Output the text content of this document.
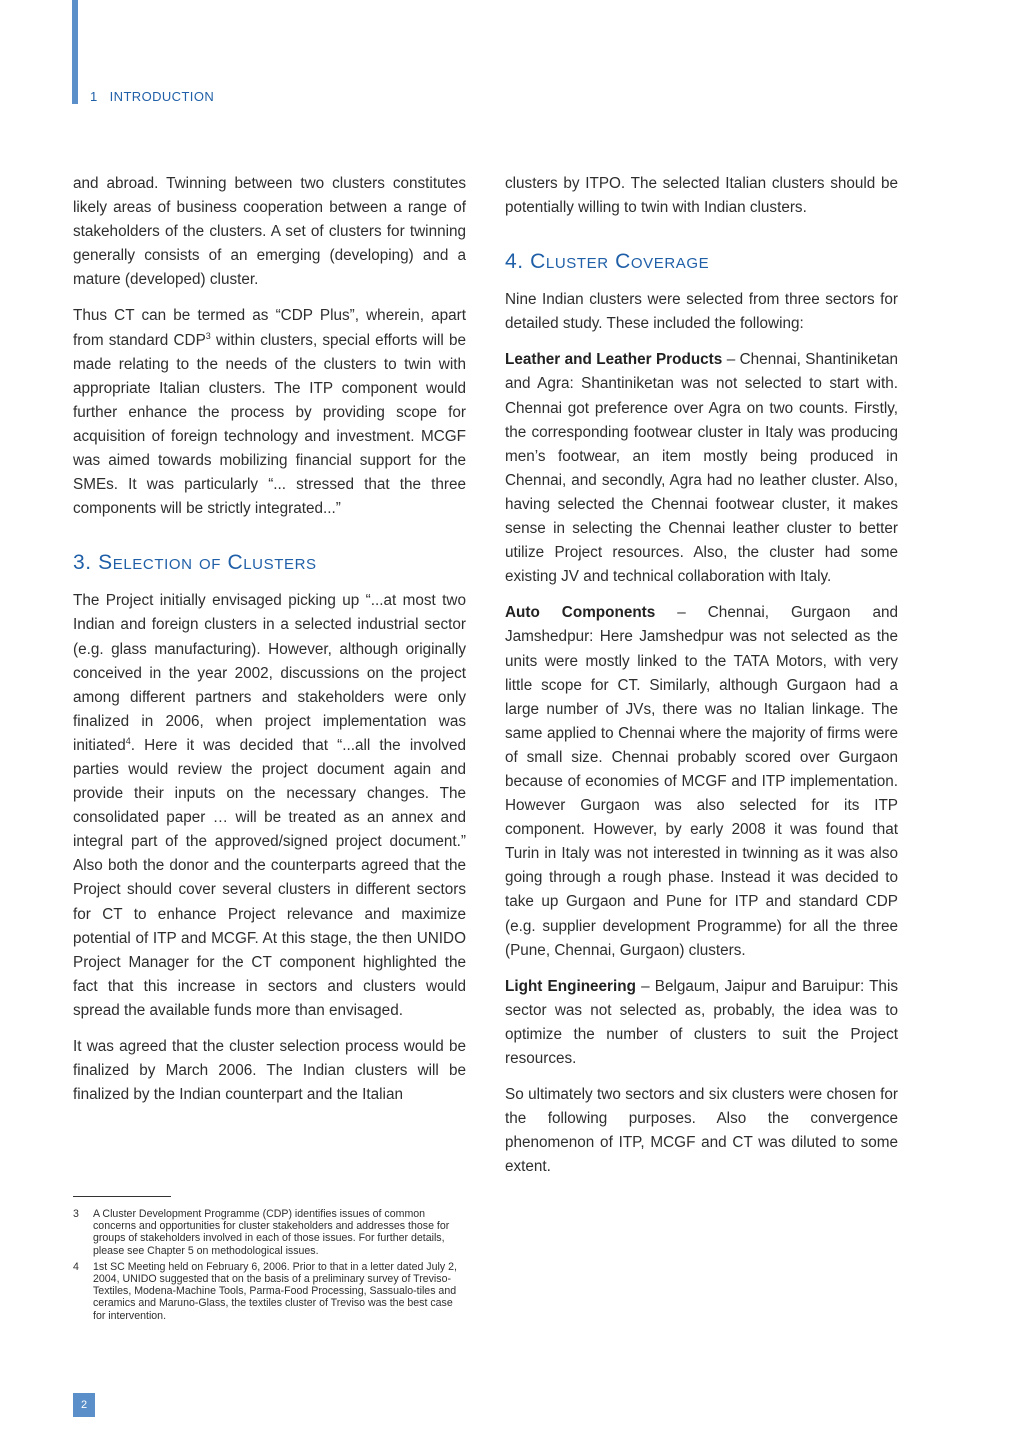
1 INTRODUCTION

and abroad. Twinning between two clusters constitutes likely areas of business cooperation between a range of stakeholders of the clusters. A set of clusters for twinning generally consists of an emerging (developing) and a mature (developed) cluster.

Thus CT can be termed as “CDP Plus”, wherein, apart from standard CDP$^3$ within clusters, special efforts will be made relating to the needs of the clusters to twin with appropriate Italian clusters. The ITP component would further enhance the process by providing scope for acquisition of foreign technology and investment. MCGF was aimed towards mobilizing financial support for the SMEs. It was particularly “... stressed that the three components will be strictly integrated...”

3. Selection of Clusters

The Project initially envisaged picking up “...at most two Indian and foreign clusters in a selected industrial sector (e.g. glass manufacturing). However, although originally conceived in the year 2002, discussions on the project among different partners and stakeholders were only finalized in 2006, when project implementation was initiated$^4$. Here it was decided that “...all the involved parties would review the project document again and provide their inputs on the necessary changes. The consolidated paper … will be treated as an annex and integral part of the approved/signed project document.” Also both the donor and the counterparts agreed that the Project should cover several clusters in different sectors for CT to enhance Project relevance and maximize potential of ITP and MCGF. At this stage, the then UNIDO Project Manager for the CT component highlighted the fact that this increase in sectors and clusters would spread the available funds more than envisaged.

It was agreed that the cluster selection process would be finalized by March 2006. The Indian clusters will be finalized by the Indian counterpart and the Italian

clusters by ITPO. The selected Italian clusters should be potentially willing to twin with Indian clusters.

4. Cluster Coverage

Nine Indian clusters were selected from three sectors for detailed study. These included the following:

Leather and Leather Products – Chennai, Shantiniketan and Agra: Shantiniketan was not selected to start with. Chennai got preference over Agra on two counts. Firstly, the corresponding footwear cluster in Italy was producing men’s footwear, an item mostly being produced in Chennai, and secondly, Agra had no leather cluster. Also, having selected the Chennai footwear cluster, it makes sense in selecting the Chennai leather cluster to better utilize Project resources. Also, the cluster had some existing JV and technical collaboration with Italy.

Auto Components – Chennai, Gurgaon and Jamshedpur: Here Jamshedpur was not selected as the units were mostly linked to the TATA Motors, with very little scope for CT. Similarly, although Gurgaon had a large number of JVs, there was no Italian linkage. The same applied to Chennai where the majority of firms were of small size. Chennai probably scored over Gurgaon because of economies of MCGF and ITP implementation. However Gurgaon was also selected for its ITP component. However, by early 2008 it was found that Turin in Italy was not interested in twinning as it was also going through a rough phase. Instead it was decided to take up Gurgaon and Pune for ITP and standard CDP (e.g. supplier development Programme) for all the three (Pune, Chennai, Gurgaon) clusters.

Light Engineering – Belgaum, Jaipur and Baruipur: This sector was not selected as, probably, the idea was to optimize the number of clusters to suit the Project resources.

So ultimately two sectors and six clusters were chosen for the following purposes. Also the convergence phenomenon of ITP, MCGF and CT was diluted to some extent.

3	A Cluster Development Programme (CDP) identifies issues of common concerns and opportunities for cluster stakeholders and addresses those for groups of stakeholders involved in each of those issues. For further details, please see Chapter 5 on methodological issues.
4	1st SC Meeting held on February 6, 2006. Prior to that in a letter dated July 2, 2004, UNIDO suggested that on the basis of a preliminary survey of Treviso-Textiles, Modena-Machine Tools, Parma-Food Processing, Sassualo-tiles and ceramics and Maruno-Glass, the textiles cluster of Treviso was the best case for intervention.
2
